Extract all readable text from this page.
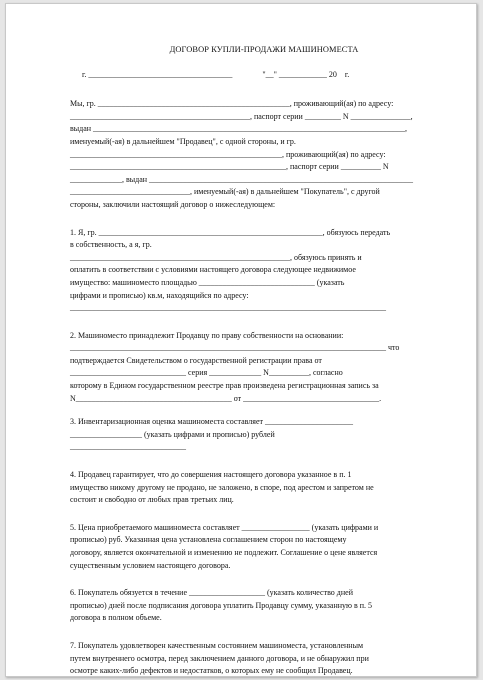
ДОГОВОР КУПЛИ-ПРОДАЖИ МАШИНОМЕСТА
г. ____________________________________               "__" ____________ 20    г.

Мы, гр. ________________________________________________, проживающий(ая) по адресу:

_____________________________________________, паспорт серии _________ N _______________,

выдан ______________________________________________________________________________,

именуемый(-ая) в дальнейшем "Продавец", с одной стороны, и гр.

_____________________________________________________, проживающий(ая) по адресу:

______________________________________________________, паспорт серии __________ N

_____________, выдан __________________________________________________________________

______________________________, именуемый(-ая) в дальнейшем "Покупатель", с другой

стороны, заключили настоящий договор о нижеследующем:

1. Я, гр. ________________________________________________________, обязуюсь передать

в собственность, а я, гр.

_______________________________________________________, обязуюсь принять и

оплатить в соответствии с условиями настоящего договора следующее недвижимое

имущество: машиноместо площадью _____________________________ (указать

цифрами и прописью) кв.м, находящийся по адресу:

_______________________________________________________________________________

2. Машиноместо принадлежит Продавцу по праву собственности на основании:

_______________________________________________________________________________ что

подтверждается Свидетельством о государственной регистрации права от

_____________________________ серия _____________ N__________, согласно

которому в Едином государственном реестре прав произведена регистрационная запись за

N_______________________________________ от __________________________________.

3. Инвентаризационная оценка машиноместа составляет ______________________

__________________ (указать цифрами и прописью) рублей

_____________________________

4. Продавец гарантирует, что до совершения настоящего договора указанное в п. 1

имущество никому другому не продано, не заложено, в споре, под арестом и запретом не

состоит и свободно от любых прав третьих лиц.

5. Цена приобретаемого машиноместа составляет _________________ (указать цифрами и

прописью) руб. Указанная цена установлена соглашением сторон по настоящему

договору, является окончательной и изменению не подлежит. Соглашение о цене является

существенным условием настоящего договора.

6. Покупатель обязуется в течение ___________________ (указать количество дней

прописью) дней после подписания договора уплатить Продавцу сумму, указанную в п. 5

договора в полном объеме.

7. Покупатель удовлетворен качественным состоянием машиноместа, установленным

путем внутреннего осмотра, перед заключением данного договора, и не обнаружил при

осмотре каких-либо дефектов и недостатков, о которых ему не сообщил Продавец.
